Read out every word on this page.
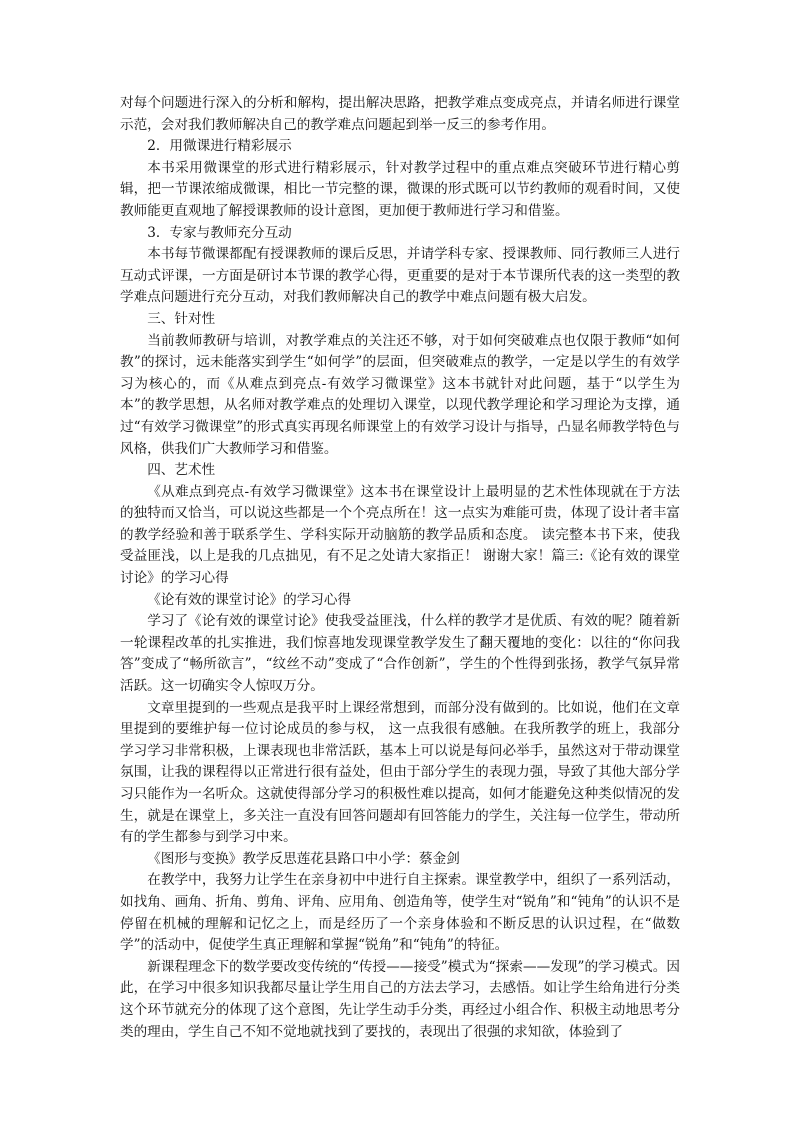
对每个问题进行深入的分析和解构，提出解决思路，把教学难点变成亮点，并请名师进行课堂示范，会对我们教师解决自己的教学难点问题起到举一反三的参考作用。

2．用微课进行精彩展示

本书采用微课堂的形式进行精彩展示，针对教学过程中的重点难点突破环节进行精心剪辑，把一节课浓缩成微课，相比一节完整的课，微课的形式既可以节约教师的观看时间，又使教师能更直观地了解授课教师的设计意图，更加便于教师进行学习和借鉴。

3．专家与教师充分互动

本书每节微课都配有授课教师的课后反思，并请学科专家、授课教师、同行教师三人进行互动式评课，一方面是研讨本节课的教学心得，更重要的是对于本节课所代表的这一类型的教学难点问题进行充分互动，对我们教师解决自己的教学中难点问题有极大启发。

三、针对性

当前教师教研与培训，对教学难点的关注还不够，对于如何突破难点也仅限于教师“如何教”的探讨，远未能落实到学生“如何学”的层面，但突破难点的教学，一定是以学生的有效学习为核心的，而《从难点到亮点-有效学习微课堂》这本书就针对此问题，基于“以学生为本”的教学思想，从名师对教学难点的处理切入课堂，以现代教学理论和学习理论为支撑，通过“有效学习微课堂”的形式真实再现名师课堂上的有效学习设计与指导，凸显名师教学特色与风格，供我们广大教师学习和借鉴。

四、艺术性

《从难点到亮点-有效学习微课堂》这本书在课堂设计上最明显的艺术性体现就在于方法的独特而又恰当，可以说这些都是一个个亮点所在！这一点实为难能可贵，体现了设计者丰富的教学经验和善于联系学生、学科实际开动脑筋的教学品质和态度。 读完整本书下来，使我受益匪浅，以上是我的几点拙见，有不足之处请大家指正！ 谢谢大家！篇三:《论有效的课堂讨论》的学习心得

《论有效的课堂讨论》的学习心得

学习了《论有效的课堂讨论》使我受益匪浅，什么样的教学才是优质、有效的呢？随着新一轮课程改革的扎实推进，我们惊喜地发现课堂教学发生了翻天覆地的变化：以往的“你问我答”变成了“畅所欲言”，“纹丝不动”变成了“合作创新”，学生的个性得到张扬，教学气氛异常活跃。这一切确实令人惊叹万分。

文章里提到的一些观点是我平时上课经常想到，而部分没有做到的。比如说，他们在文章里提到的要维护每一位讨论成员的参与权， 这一点我很有感触。在我所教学的班上，我部分学习学习非常积极，上课表现也非常活跃，基本上可以说是每问必举手，虽然这对于带动课堂氛围，让我的课程得以正常进行很有益处，但由于部分学生的表现力强，导致了其他大部分学习只能作为一名听众。这就使得部分学习的积极性难以提高，如何才能避免这种类似情况的发生，就是在课堂上，多关注一直没有回答问题却有回答能力的学生，关注每一位学生，带动所有的学生都参与到学习中来。

《图形与变换》教学反思莲花县路口中小学：蔡金剑

在教学中，我努力让学生在亲身初中中进行自主探索。课堂教学中，组织了一系列活动，如找角、画角、折角、剪角、评角、应用角、创造角等，使学生对“锐角”和“钝角”的认识不是停留在机械的理解和记忆之上，而是经历了一个亲身体验和不断反思的认识过程，在“做数学”的活动中，促使学生真正理解和掌握“锐角”和“钝角”的特征。

新课程理念下的数学要改变传统的“传授——接受”模式为“探索——发现”的学习模式。因此，在学习中很多知识我都尽量让学生用自己的方法去学习，去感悟。如让学生给角进行分类这个环节就充分的体现了这个意图，先让学生动手分类，再经过小组合作、积极主动地思考分类的理由，学生自己不知不觉地就找到了要找的，表现出了很强的求知欲，体验到了
